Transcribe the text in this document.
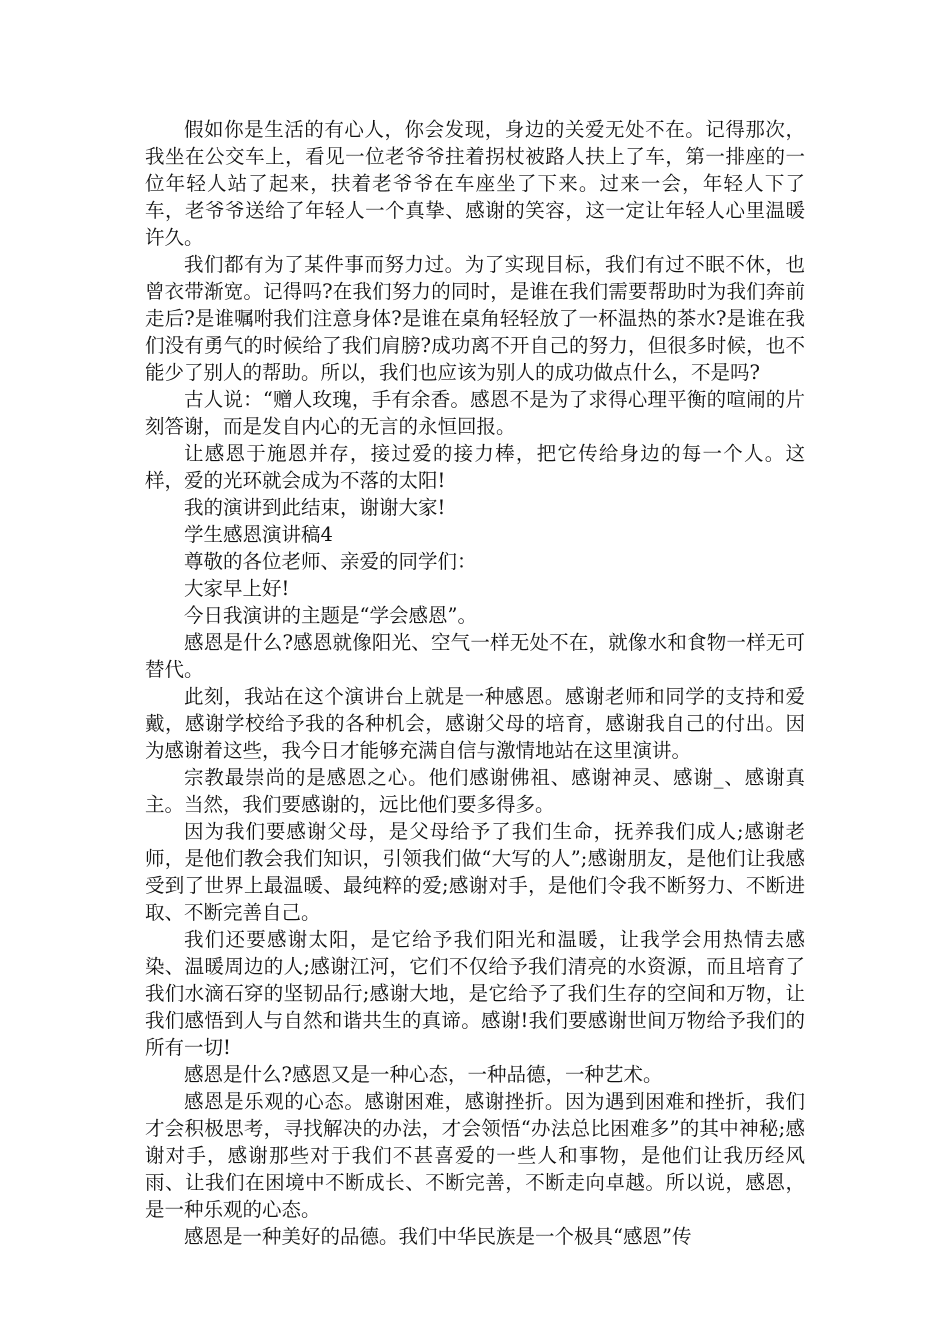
假如你是生活的有心人，你会发现，身边的关爱无处不在。记得那次，我坐在公交车上，看见一位老爷爷拄着拐杖被路人扶上了车，第一排座的一位年轻人站了起来，扶着老爷爷在车座坐了下来。过来一会，年轻人下了车，老爷爷送给了年轻人一个真挚、感谢的笑容，这一定让年轻人心里温暖许久。

我们都有为了某件事而努力过。为了实现目标，我们有过不眠不休，也曾衣带渐宽。记得吗?在我们努力的同时，是谁在我们需要帮助时为我们奔前走后?是谁嘱咐我们注意身体?是谁在桌角轻轻放了一杯温热的茶水?是谁在我们没有勇气的时候给了我们肩膀?成功离不开自己的努力，但很多时候，也不能少了别人的帮助。所以，我们也应该为别人的成功做点什么，不是吗?

古人说：“赠人玫瑰，手有余香。感恩不是为了求得心理平衡的喧闹的片刻答谢，而是发自内心的无言的永恒回报。

让感恩于施恩并存，接过爱的接力棒，把它传给身边的每一个人。这样，爱的光环就会成为不落的太阳!

我的演讲到此结束，谢谢大家!

学生感恩演讲稿4

尊敬的各位老师、亲爱的同学们：

大家早上好!

今日我演讲的主题是“学会感恩”。

感恩是什么?感恩就像阳光、空气一样无处不在，就像水和食物一样无可替代。

此刻，我站在这个演讲台上就是一种感恩。感谢老师和同学的支持和爱戴，感谢学校给予我的各种机会，感谢父母的培育，感谢我自己的付出。因为感谢着这些，我今日才能够充满自信与激情地站在这里演讲。

宗教最崇尚的是感恩之心。他们感谢佛祖、感谢神灵、感谢_、感谢真主。当然，我们要感谢的，远比他们要多得多。

因为我们要感谢父母，是父母给予了我们生命，抚养我们成人;感谢老师，是他们教会我们知识，引领我们做“大写的人”;感谢朋友，是他们让我感受到了世界上最温暖、最纯粹的爱;感谢对手，是他们令我不断努力、不断进取、不断完善自己。

我们还要感谢太阳，是它给予我们阳光和温暖，让我学会用热情去感染、温暖周边的人;感谢江河，它们不仅给予我们清亮的水资源，而且培育了我们水滴石穿的坚韧品行;感谢大地，是它给予了我们生存的空间和万物，让我们感悟到人与自然和谐共生的真谛。感谢!我们要感谢世间万物给予我们的所有一切!

感恩是什么?感恩又是一种心态，一种品德，一种艺术。

感恩是乐观的心态。感谢困难，感谢挫折。因为遇到困难和挫折，我们才会积极思考，寻找解决的办法，才会领悟“办法总比困难多”的其中神秘;感谢对手，感谢那些对于我们不甚喜爱的一些人和事物，是他们让我历经风雨、让我们在困境中不断成长、不断完善，不断走向卓越。所以说，感恩，是一种乐观的心态。

感恩是一种美好的品德。我们中华民族是一个极具“感恩”传
